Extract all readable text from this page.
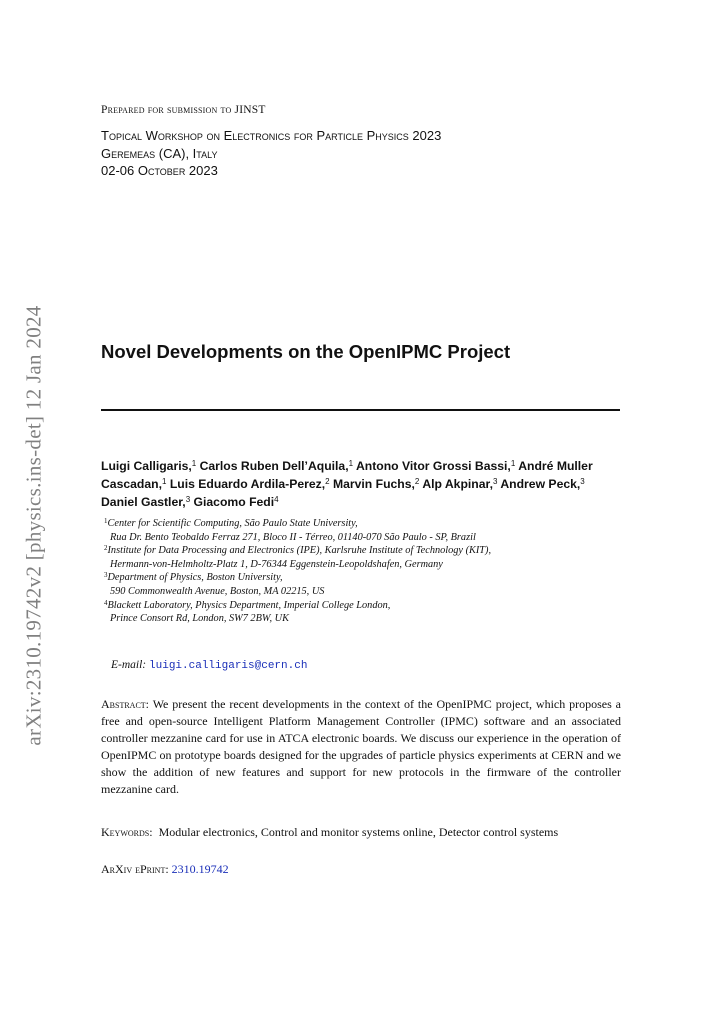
arXiv:2310.19742v2 [physics.ins-det] 12 Jan 2024
Prepared for submission to JINST
Topical Workshop on Electronics for Particle Physics 2023
Geremeas (CA), Italy
02-06 October 2023
Novel Developments on the OpenIPMC Project
Luigi Calligaris,$^1$ Carlos Ruben Dell’Aquila,$^1$ Antono Vitor Grossi Bassi,$^1$ André Muller Cascadan,$^1$ Luis Eduardo Ardila-Perez,$^2$ Marvin Fuchs,$^2$ Alp Akpinar,$^3$ Andrew Peck,$^3$
Daniel Gastler,$^3$ Giacomo Fedi$^4$
$^1$Center for Scientific Computing, São Paulo State University,
Rua Dr. Bento Teobaldo Ferraz 271, Bloco II - Térreo, 01140-070 São Paulo - SP, Brazil
$^2$Institute for Data Processing and Electronics (IPE), Karlsruhe Institute of Technology (KIT),
Hermann-von-Helmholtz-Platz 1, D-76344 Eggenstein-Leopoldshafen, Germany
$^3$Department of Physics, Boston University,
590 Commonwealth Avenue, Boston, MA 02215, US
$^4$Blackett Laboratory, Physics Department, Imperial College London,
Prince Consort Rd, London, SW7 2BW, UK
E-mail: luigi.calligaris@cern.ch
Abstract: We present the recent developments in the context of the OpenIPMC project, which proposes a free and open-source Intelligent Platform Management Controller (IPMC) software and an associated controller mezzanine card for use in ATCA electronic boards. We discuss our experience in the operation of OpenIPMC on prototype boards designed for the upgrades of particle physics experiments at CERN and we show the addition of new features and support for new protocols in the firmware of the controller mezzanine card.
Keywords: Modular electronics, Control and monitor systems online, Detector control systems
ArXiv ePrint: 2310.19742
